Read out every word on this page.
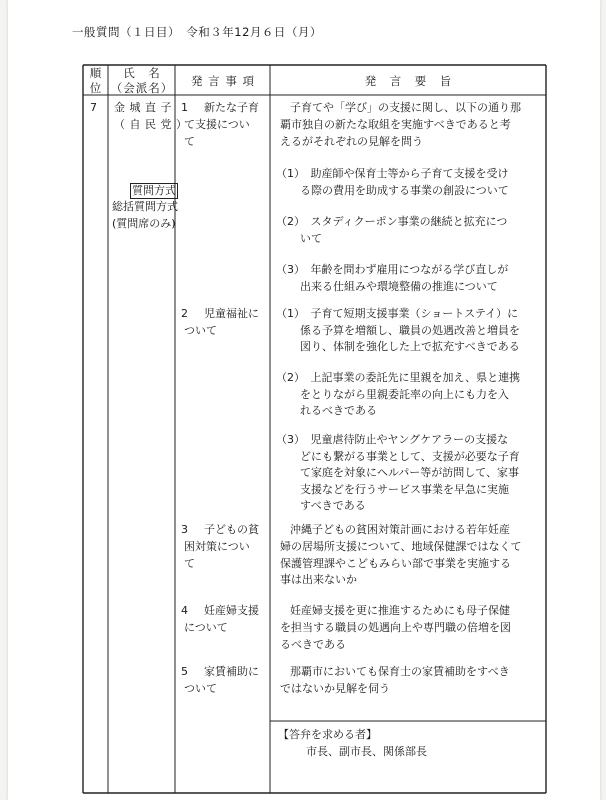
一般質問（１日目）　令和３年12月６日（月）
順
位
氏　名
（会派名）	発 言 事 項	発　言　要　旨
7 金 城 直 子
（ 自 民 党 ）
質問方式
総括質問方式
(質問席のみ)
1 新たな子育
て支援につい
て
子育てや「学び」の支援に関し、以下の通り那
覇市独自の新たな取組を実施すべきであると考
えるがそれぞれの見解を問う
（1）　 助産師や保育士等から子育て支援を受け
る際の費用を助成する事業の創設について
（2）　 スタディクーポン事業の継続と拡充につ
いて
（3）　 年齢を問わず雇用につながる学び直しが
出来る仕組みや環境整備の推進について
2 児童福祉に
ついて
（1）　 子育て短期支援事業（ショートステイ）に
係る予算を増額し、職員の処遇改善と増員を
図り、体制を強化した上で拡充すべきである
（2）　 上記事業の委託先に里親を加え、県と連携
をとりながら里親委託率の向上にも力を入
れるべきである
（3）　 児童虐待防止やヤングケアラーの支援な
どにも繋がる事業として、支援が必要な子育
て家庭を対象にヘルパー等が訪問して、家事
支援などを行うサービス事業を早急に実施
すべきである
3 子どもの貧
困対策につい
て
沖縄子どもの貧困対策計画における若年妊産
婦の居場所支援について、地域保健課ではなくて
保護管理課やこどもみらい部で事業を実施する
事は出来ないか
4 妊産婦支援
について
妊産婦支援を更に推進するためにも母子保健
を担当する職員の処遇向上や専門職の倍増を図
るべきである
5 家賃補助に
ついて
那覇市においても保育士の家賃補助をすべき
ではないか見解を伺う
【答弁を求める者】
市長、副市長、関係部長
